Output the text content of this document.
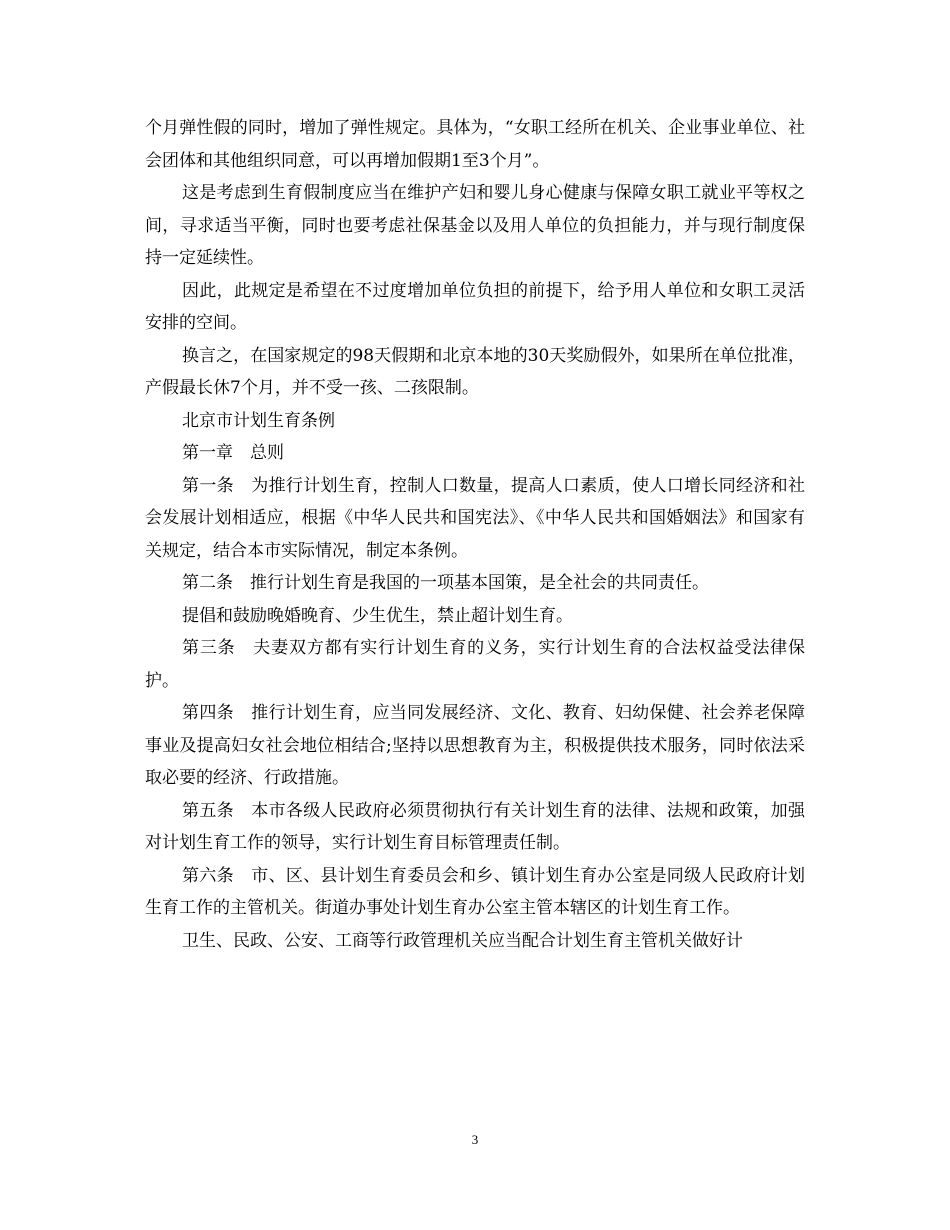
个月弹性假的同时，增加了弹性规定。具体为，“女职工经所在机关、企业事业单位、社会团体和其他组织同意，可以再增加假期1至3个月”。

这是考虑到生育假制度应当在维护产妇和婴儿身心健康与保障女职工就业平等权之间，寻求适当平衡，同时也要考虑社保基金以及用人单位的负担能力，并与现行制度保持一定延续性。

因此，此规定是希望在不过度增加单位负担的前提下，给予用人单位和女职工灵活安排的空间。

换言之，在国家规定的98天假期和北京本地的30天奖励假外，如果所在单位批准，产假最长休7个月，并不受一孩、二孩限制。

北京市计划生育条例

第一章　总则

第一条　为推行计划生育，控制人口数量，提高人口素质，使人口增长同经济和社会发展计划相适应，根据《中华人民共和国宪法》、《中华人民共和国婚姻法》和国家有关规定，结合本市实际情况，制定本条例。

第二条　推行计划生育是我国的一项基本国策，是全社会的共同责任。

提倡和鼓励晚婚晚育、少生优生，禁止超计划生育。

第三条　夫妻双方都有实行计划生育的义务，实行计划生育的合法权益受法律保护。

第四条　推行计划生育，应当同发展经济、文化、教育、妇幼保健、社会养老保障事业及提高妇女社会地位相结合;坚持以思想教育为主，积极提供技术服务，同时依法采取必要的经济、行政措施。

第五条　本市各级人民政府必须贯彻执行有关计划生育的法律、法规和政策，加强对计划生育工作的领导，实行计划生育目标管理责任制。

第六条　市、区、县计划生育委员会和乡、镇计划生育办公室是同级人民政府计划生育工作的主管机关。街道办事处计划生育办公室主管本辖区的计划生育工作。

卫生、民政、公安、工商等行政管理机关应当配合计划生育主管机关做好计

3
